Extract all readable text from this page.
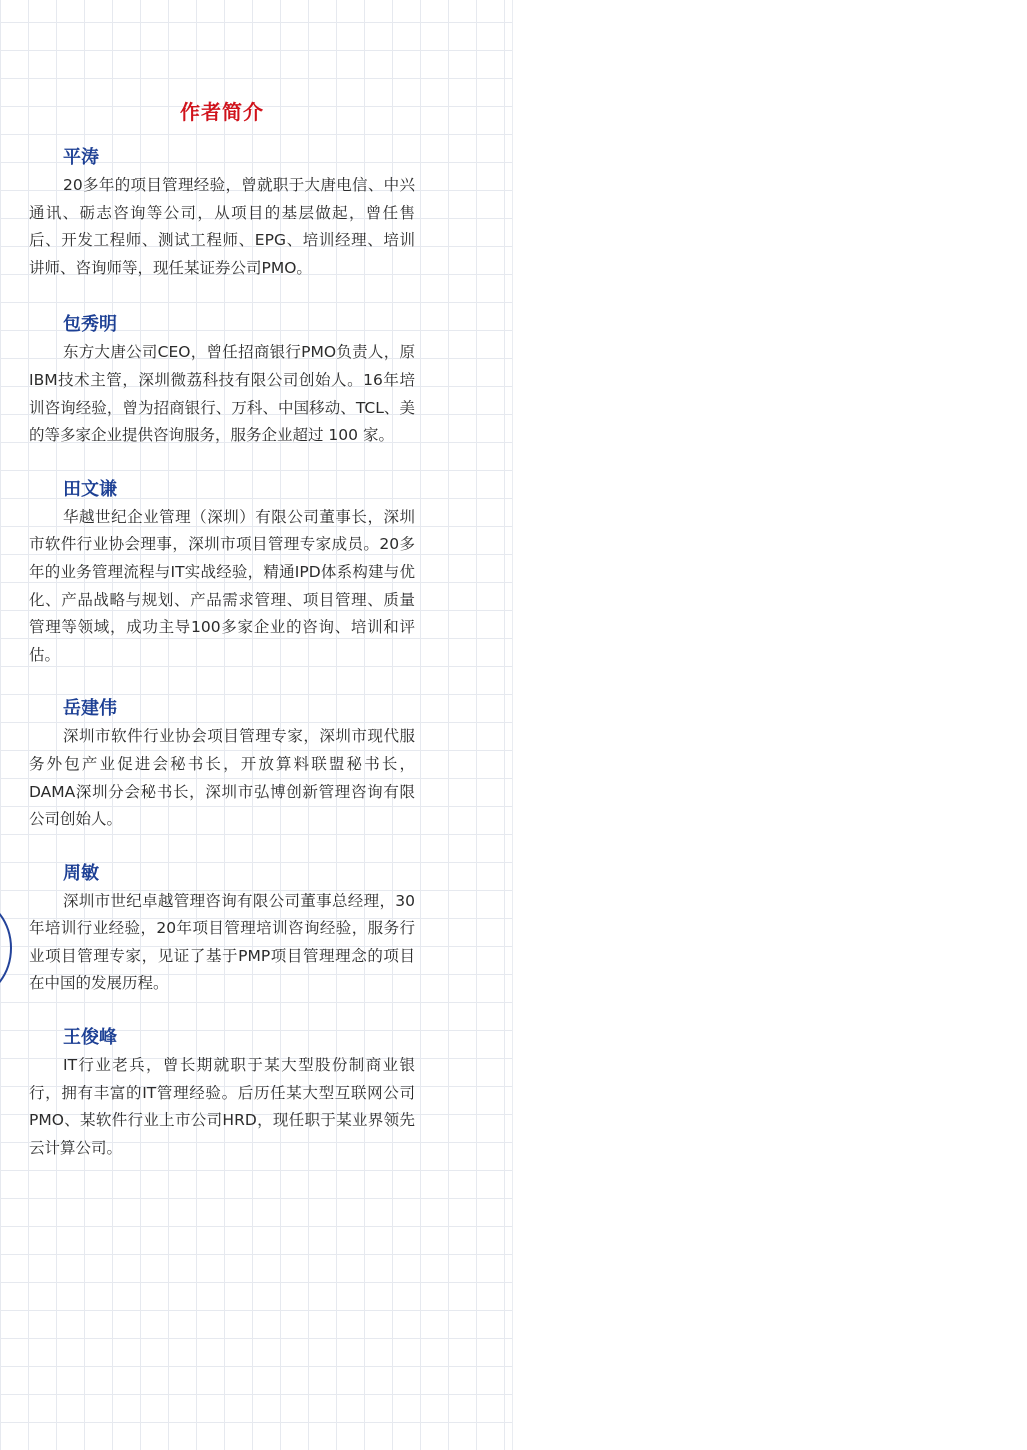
作者简介
平涛
20多年的项目管理经验，曾就职于大唐电信、中兴通讯、砺志咨询等公司，从项目的基层做起，曾任售后、开发工程师、测试工程师、EPG、培训经理、培训讲师、咨询师等，现任某证券公司PMO。
包秀明
东方大唐公司CEO，曾任招商银行PMO负责人，原IBM技术主管，深圳微荔科技有限公司创始人。16年培训咨询经验，曾为招商银行、万科、中国移动、TCL、美的等多家企业提供咨询服务，服务企业超过 100 家。
田文谦
华越世纪企业管理（深圳）有限公司董事长，深圳市软件行业协会理事，深圳市项目管理专家成员。20多年的业务管理流程与IT实战经验，精通IPD体系构建与优化、产品战略与规划、产品需求管理、项目管理、质量管理等领域，成功主导100多家企业的咨询、培训和评估。
岳建伟
深圳市软件行业协会项目管理专家，深圳市现代服务外包产业促进会秘书长，开放算料联盟秘书长，DAMA深圳分会秘书长，深圳市弘博创新管理咨询有限公司创始人。
周敏
深圳市世纪卓越管理咨询有限公司董事总经理，30年培训行业经验，20年项目管理培训咨询经验，服务行业项目管理专家，见证了基于PMP项目管理理念的项目在中国的发展历程。
王俊峰
IT行业老兵，曾长期就职于某大型股份制商业银行，拥有丰富的IT管理经验。后历任某大型互联网公司PMO、某软件行业上市公司HRD，现任职于某业界领先云计算公司。
